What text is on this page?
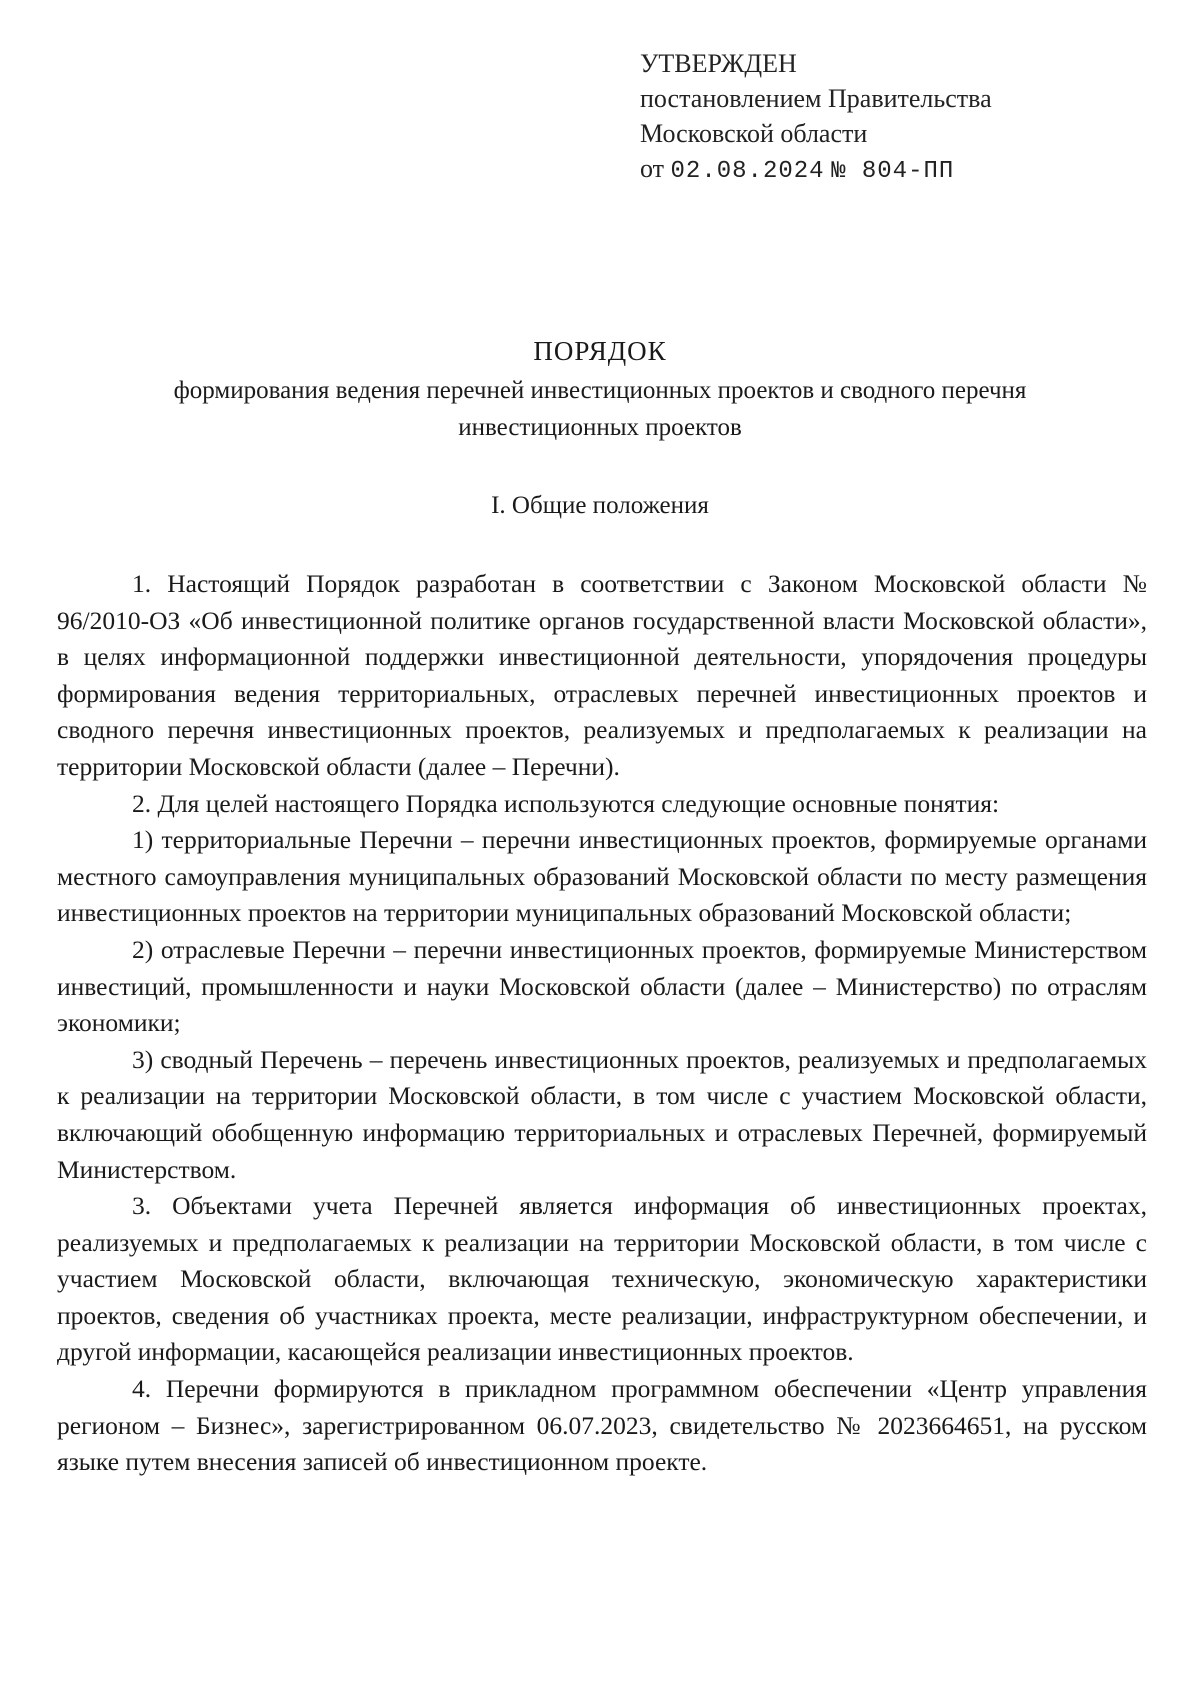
УТВЕРЖДЕН
постановлением Правительства
Московской области
от 02.08.2024 № 804-ПП
ПОРЯДОК
формирования ведения перечней инвестиционных проектов и сводного перечня инвестиционных проектов
I. Общие положения

1. Настоящий Порядок разработан в соответствии с Законом Московской области № 96/2010-ОЗ «Об инвестиционной политике органов государственной власти Московской области», в целях информационной поддержки инвестиционной деятельности, упорядочения процедуры формирования ведения территориальных, отраслевых перечней инвестиционных проектов и сводного перечня инвестиционных проектов, реализуемых и предполагаемых к реализации на территории Московской области (далее – Перечни).

2. Для целей настоящего Порядка используются следующие основные понятия:

1) территориальные Перечни – перечни инвестиционных проектов, формируемые органами местного самоуправления муниципальных образований Московской области по месту размещения инвестиционных проектов на территории муниципальных образований Московской области;

2) отраслевые Перечни – перечни инвестиционных проектов, формируемые Министерством инвестиций, промышленности и науки Московской области (далее – Министерство) по отраслям экономики;

3) сводный Перечень – перечень инвестиционных проектов, реализуемых и предполагаемых к реализации на территории Московской области, в том числе с участием Московской области, включающий обобщенную информацию территориальных и отраслевых Перечней, формируемый Министерством.

3. Объектами учета Перечней является информация об инвестиционных проектах, реализуемых и предполагаемых к реализации на территории Московской области, в том числе с участием Московской области, включающая техническую, экономическую характеристики проектов, сведения об участниках проекта, месте реализации, инфраструктурном обеспечении, и другой информации, касающейся реализации инвестиционных проектов.

4. Перечни формируются в прикладном программном обеспечении «Центр управления регионом – Бизнес», зарегистрированном 06.07.2023, свидетельство № 2023664651, на русском языке путем внесения записей об инвестиционном проекте.
